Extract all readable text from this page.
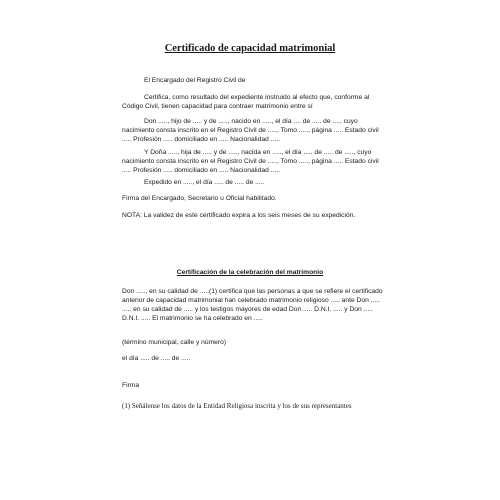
Certificado de capacidad matrimonial
El Encargado del Registro Civil de
Certifica, como resultado del expediente instruido al efecto que, conforme al
Código Civil, tienen capacidad para contraer matrimonio entre sí
Don ....., hijo de ..... y de ....., nacido en ....., el día .... de ..... de ...., cuyo
nacimiento consta inscrito en el Registro Civil de ....., Tomo ....., página ..... Estado civil
..... Profesión ..... domiciliado en ..... Nacionalidad .....
Y Doña ....., hija de ..... y de ....., nacida en ....., el día ..... de ..... de ....., cuyo
nacimiento consta inscrito en el Registro Civil de ....., Tomo ....., página ..... Estado civil
..... Profesión ..... domiciliado en ..... Nacionalidad .....
Expedido en ....., el día ..... de ..... de .....
Firma del Encargado, Secretario u Oficial habilitado.
NOTA: La validez de este certificado expira a los seis meses de su expedición.
Certificación de la celebración del matrimonio
Don ....., en su calidad de .....(1) certifica que las personas a que se refiere el certificado
anterior de capacidad matrimonial han celebrado matrimonio religioso ..... ante Don .....
..... en su calidad de ..... y los testigos mayores de edad Don ..... D.N.I. ..... y Don .....
D.N.I. ..... El matrimonio se ha celebrado en .....
(término municipal, calle y número)
el día ..... de ..... de .....
Firma
(1) Señálense los datos de la Entidad Religiosa inscrita y los de sus representantes
